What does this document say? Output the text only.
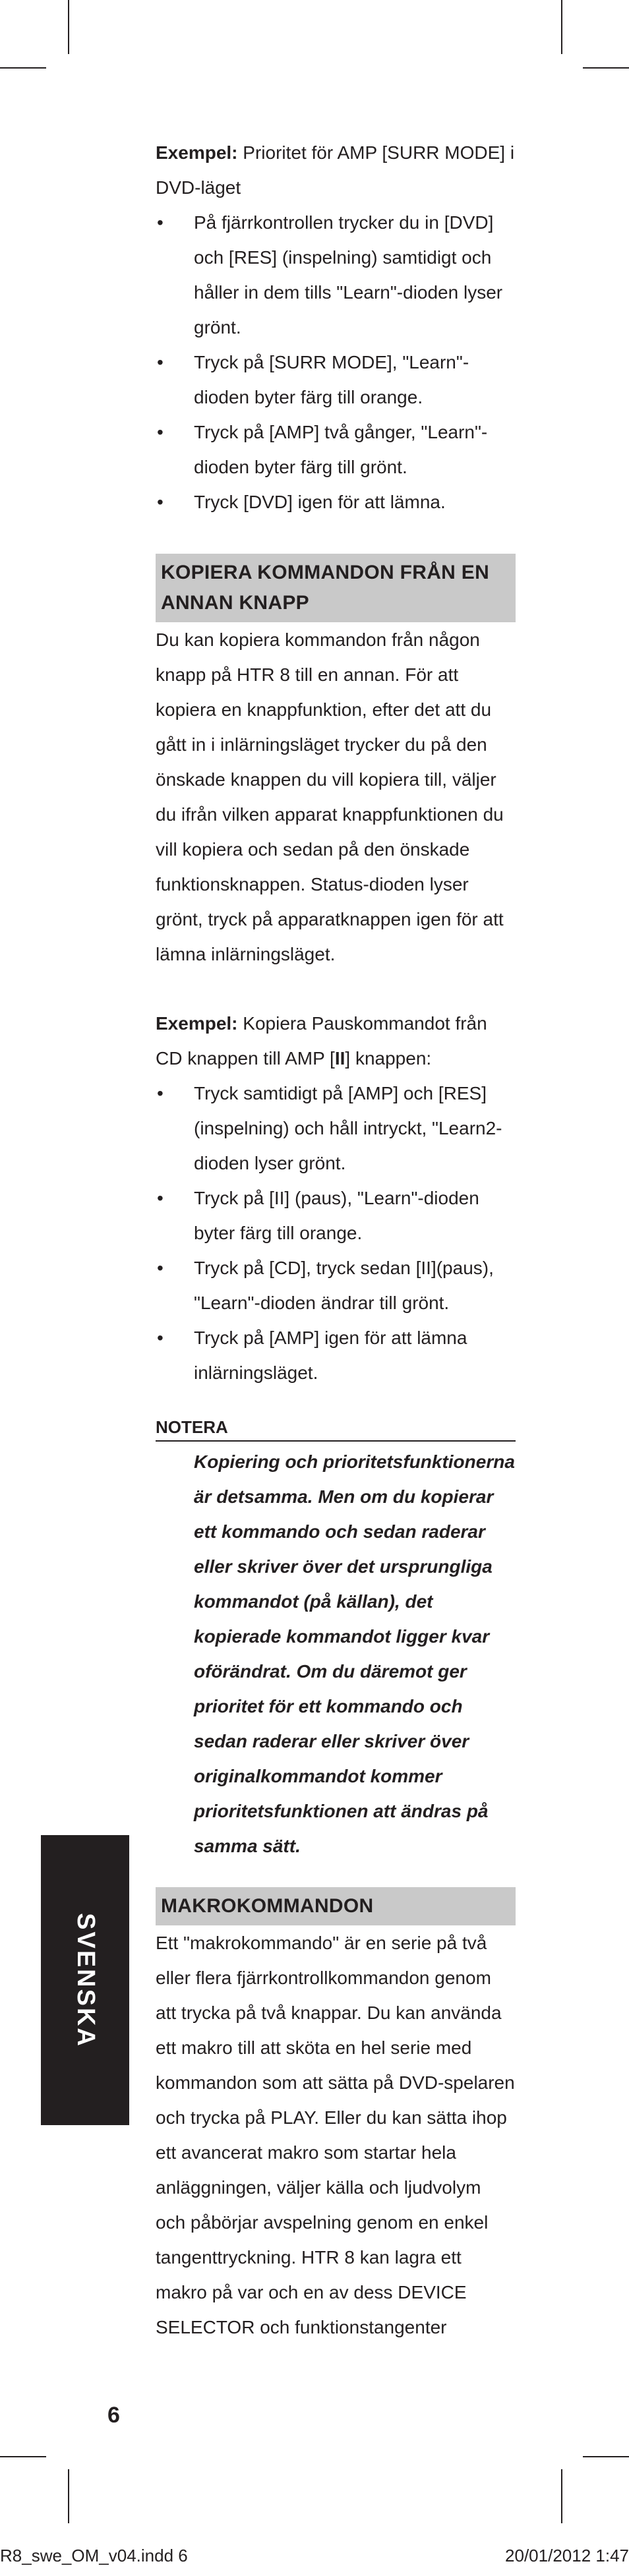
Exempel: Prioritet för AMP [SURR MODE] i DVD-läget

• På fjärrkontrollen trycker du in [DVD] och [RES] (inspelning) samtidigt och håller in dem tills "Learn"-dioden lyser grönt.
• Tryck på [SURR MODE], "Learn"-dioden byter färg till orange.
• Tryck på [AMP] två gånger, "Learn"-dioden byter färg till grönt.
• Tryck [DVD] igen för att lämna.
KOPIERA KOMMANDON FRÅN EN ANNAN KNAPP

Du kan kopiera kommandon från någon knapp på HTR 8 till en annan. För att kopiera en knappfunktion, efter det att du gått in i inlärningsläget trycker du på den önskade knappen du vill kopiera till, väljer du ifrån vilken apparat knappfunktionen du vill kopiera och sedan på den önskade funktionsknappen. Status-dioden lyser grönt, tryck på apparatknappen igen för att lämna inlärningsläget.

Exempel: Kopiera Pauskommandot från CD knappen till AMP [II] knappen:

• Tryck samtidigt på [AMP] och [RES] (inspelning) och håll intryckt, "Learn2-dioden lyser grönt.
• Tryck på [II] (paus), "Learn"-dioden byter färg till orange.
• Tryck på [CD], tryck sedan [II](paus), "Learn"-dioden ändrar till grönt.
• Tryck på [AMP] igen för att lämna inlärningsläget.

NOTERA

Kopiering och prioritetsfunktionerna är detsamma. Men om du kopierar ett kommando och sedan raderar eller skriver över det ursprungliga kommandot (på källan), det kopierade kommandot ligger kvar oförändrat. Om du däremot ger prioritet för ett kommando och sedan raderar eller skriver över originalkommandot kommer prioritetsfunktionen att ändras på samma sätt.

MAKROKOMMANDON

Ett "makrokommando" är en serie på två eller flera fjärrkontrollkommandon genom att trycka på två knappar. Du kan använda ett makro till att sköta en hel serie med kommandon som att sätta på DVD-spelaren och trycka på PLAY. Eller du kan sätta ihop ett avancerat makro som startar hela anläggningen, väljer källa och ljudvolym och påbörjar avspelning genom en enkel tangenttryckning. HTR 8 kan lagra ett makro på var och en av dess DEVICE SELECTOR och funktionstangenter

SVENSKA
6
R8_swe_OM_v04.indd 6	20/01/2012 1:47
